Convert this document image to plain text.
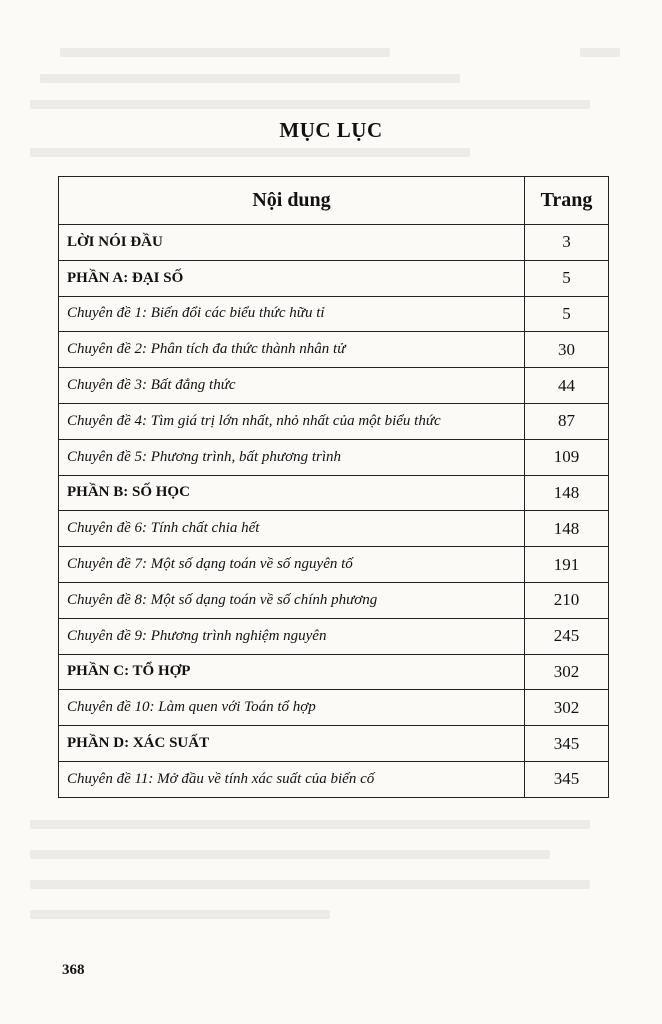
MỤC LỤC
Nội dung	Trang
LỜI NÓI ĐẦU	3
PHẦN A: ĐẠI SỐ	5
Chuyên đề 1: Biến đổi các biểu thức hữu tỉ	5
Chuyên đề 2: Phân tích đa thức thành nhân tử	30
Chuyên đề 3: Bất đẳng thức	44
Chuyên đề 4: Tìm giá trị lớn nhất, nhỏ nhất của một biểu thức	87
Chuyên đề 5: Phương trình, bất phương trình	109
PHẦN B: SỐ HỌC	148
Chuyên đề 6: Tính chất chia hết	148
Chuyên đề 7: Một số dạng toán về số nguyên tố	191
Chuyên đề 8: Một số dạng toán về số chính phương	210
Chuyên đề 9: Phương trình nghiệm nguyên	245
PHẦN C: TỔ HỢP	302
Chuyên đề 10: Làm quen với Toán tổ hợp	302
PHẦN D: XÁC SUẤT	345
Chuyên đề 11: Mở đầu về tính xác suất của biến cố	345
368
